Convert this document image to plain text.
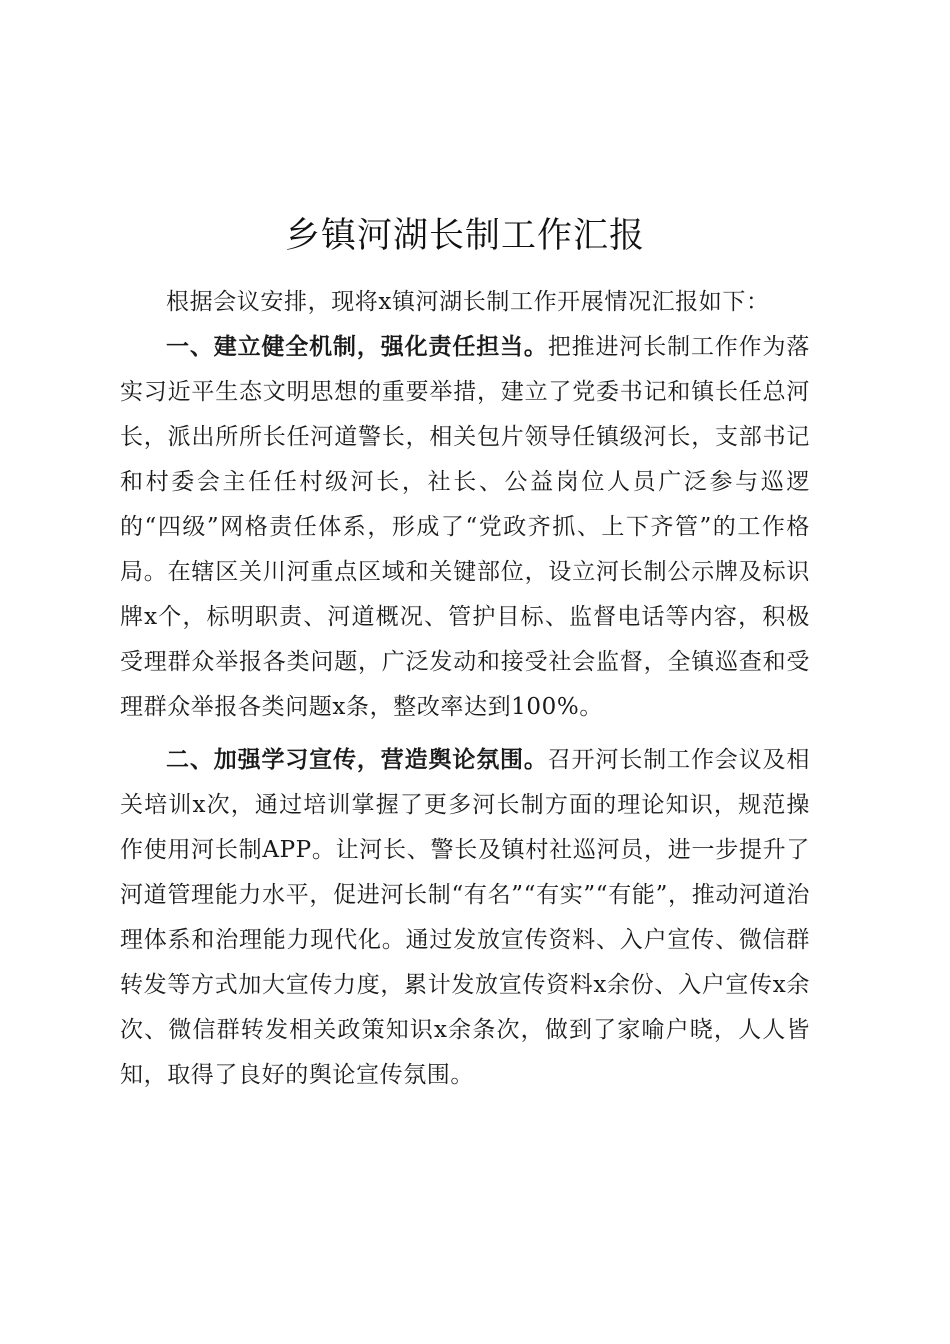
乡镇河湖长制工作汇报

根据会议安排，现将x镇河湖长制工作开展情况汇报如下：

一、建立健全机制，强化责任担当。把推进河长制工作作为落实习近平生态文明思想的重要举措，建立了党委书记和镇长任总河长，派出所所长任河道警长，相关包片领导任镇级河长，支部书记和村委会主任任村级河长，社长、公益岗位人员广泛参与巡逻的“四级”网格责任体系，形成了“党政齐抓、上下齐管”的工作格局。在辖区关川河重点区域和关键部位，设立河长制公示牌及标识牌x个，标明职责、河道概况、管护目标、监督电话等内容，积极受理群众举报各类问题，广泛发动和接受社会监督，全镇巡查和受理群众举报各类问题x条，整改率达到100%。

二、加强学习宣传，营造舆论氛围。召开河长制工作会议及相关培训x次，通过培训掌握了更多河长制方面的理论知识，规范操作使用河长制APP。让河长、警长及镇村社巡河员，进一步提升了河道管理能力水平，促进河长制“有名”“有实”“有能”，推动河道治理体系和治理能力现代化。通过发放宣传资料、入户宣传、微信群转发等方式加大宣传力度，累计发放宣传资料x余份、入户宣传x余次、微信群转发相关政策知识x余条次，做到了家喻户晓，人人皆知，取得了良好的舆论宣传氛围。
